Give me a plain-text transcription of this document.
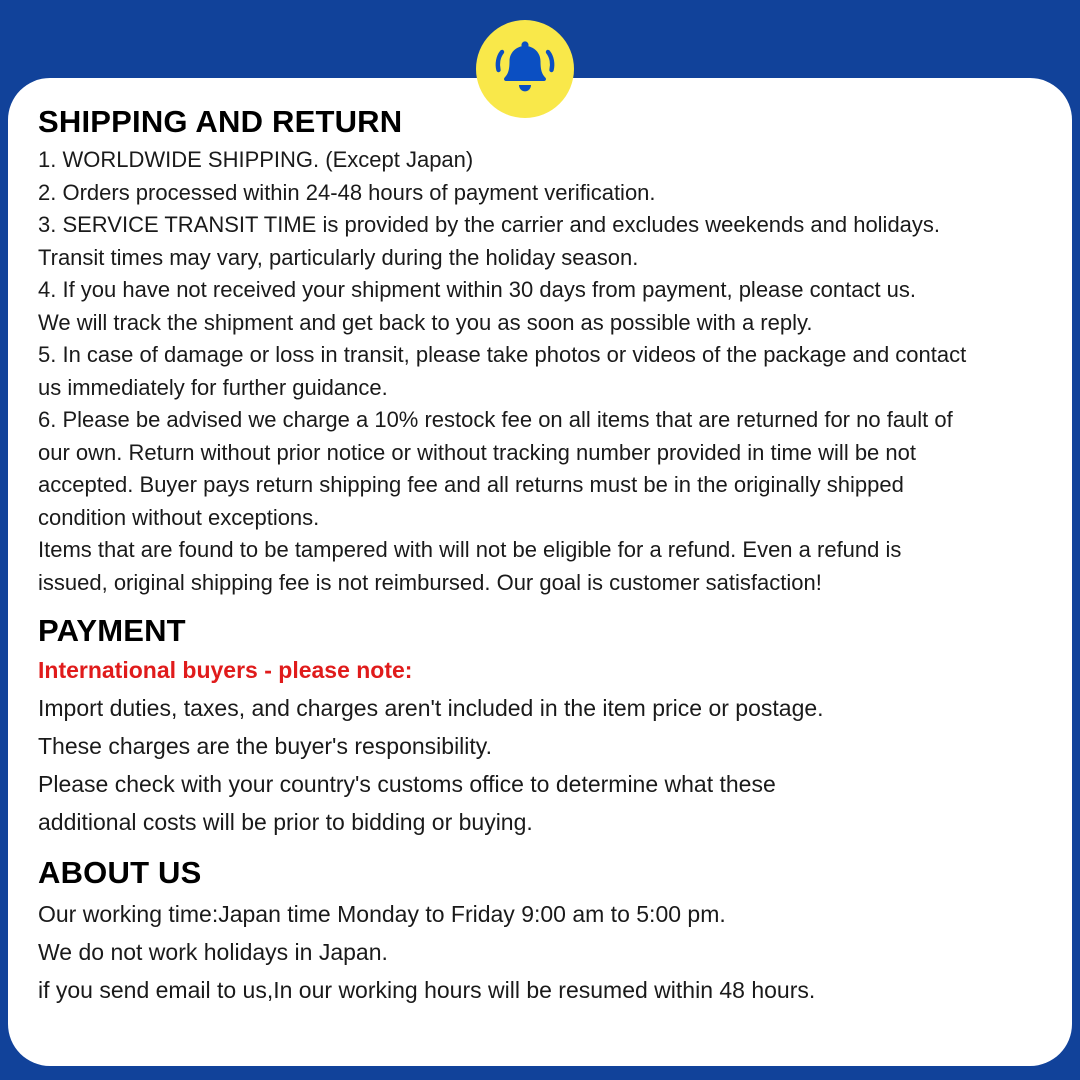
SHIPPING AND RETURN

1. WORLDWIDE SHIPPING. (Except Japan)

2. Orders processed within 24-48 hours of payment verification.

3. SERVICE TRANSIT TIME is provided by the carrier and excludes weekends and holidays.

Transit times may vary, particularly during the holiday season.

4. If you have not received your shipment within 30 days from payment, please contact us.

We will track the shipment and get back to you as soon as possible with a reply.

5. In case of damage or loss in transit, please take photos or videos of the package and contact

us immediately for further guidance.

6. Please be advised we charge a 10% restock fee on all items that are returned for no fault of

our own. Return without prior notice or without tracking number provided in time will be not

accepted. Buyer pays return shipping fee and all returns must be in the originally shipped

condition without exceptions.

Items that are found to be tampered with will not be eligible for a refund. Even a refund is

issued, original shipping fee is not reimbursed. Our goal is customer satisfaction!

PAYMENT

International buyers - please note:

Import duties, taxes, and charges aren't included in the item price or postage.

These charges are the buyer's responsibility.

Please check with your country's customs office to determine what these

additional costs will be prior to bidding or buying.

ABOUT US

Our working time:Japan time Monday to Friday 9:00 am to 5:00 pm.

We do not work holidays in Japan.

if you send email to us,In our working hours will be resumed within 48 hours.
